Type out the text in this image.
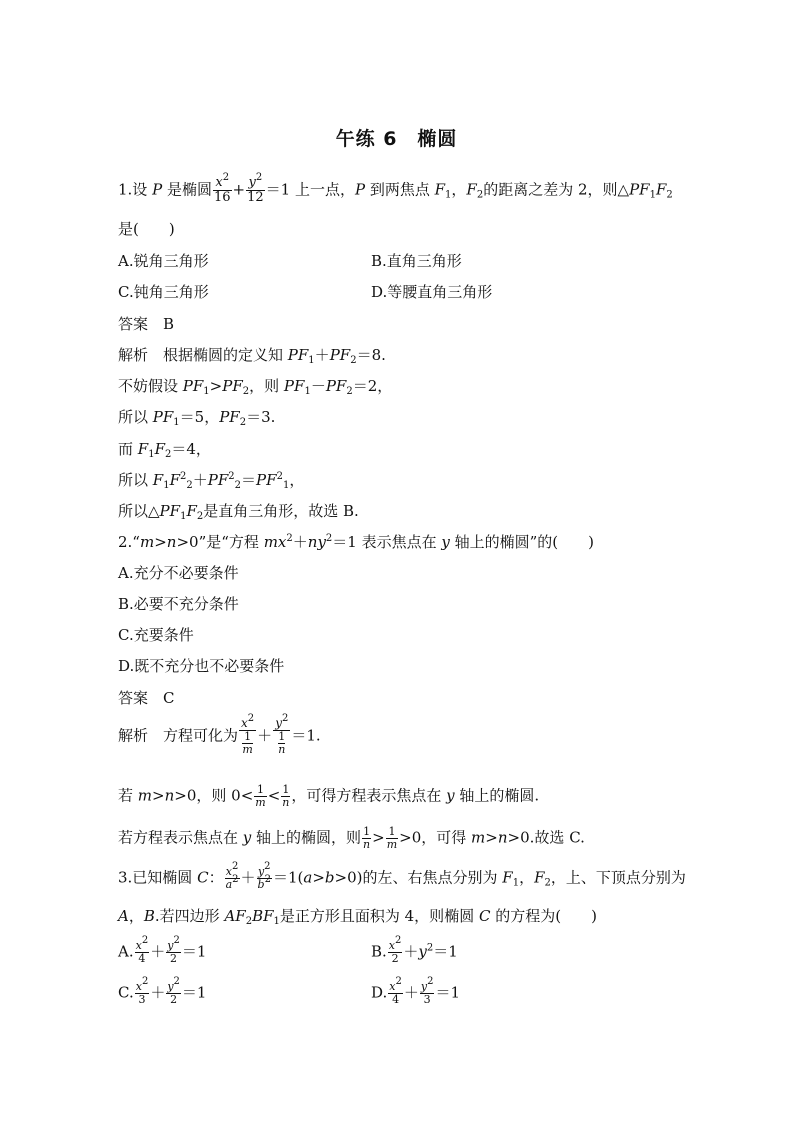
午练 6　椭圆
1.设 P 是椭圆 $\frac{x^2}{16} + \frac{y^2}{12} =1$ 上一点，P 到两焦点 $F_1$，$F_2$的距离之差为 2，则$\triangle PF_1F_2$
是(　　)
A.锐角三角形	B.直角三角形
C.钝角三角形	D.等腰直角三角形
答案　B
解析　根据椭圆的定义知 $PF_1+PF_2=8$.
不妨假设 $PF_1>PF_2$，则 $PF_1-PF_2=2$，
所以 $PF_1=5$，$PF_2=3$.
而 $F_1F_2=4$，
所以 $F_1F^2_2+PF^2_2=PF^2_1$，
所以$\triangle PF_1F_2$是直角三角形，故选 B.
2.“m>n>0”是“方程 $mx^2+ny^2=1$ 表示焦点在 y 轴上的椭圆”的(　　)
A.充分不必要条件
B.必要不充分条件
C.充要条件
D.既不充分也不必要条件
答案　C
解析　方程可化为 $\frac{x^2}{\frac{1}{m}} + \frac{y^2}{\frac{1}{n}} =1$.
若 m>n>0，则 $0< \frac{1}{m} < \frac{1}{n}$ ，可得方程表示焦点在 y 轴上的椭圆.
若方程表示焦点在 y 轴上的椭圆，则 $\frac{1}{n} > \frac{1}{m} >0$，可得 m>n>0.故选 C.
3.已知椭圆 C： $\frac{x^2}{a^2} + \frac{y^2}{b^2} =1(a>b>0)$的左、右焦点分别为 $F_1$，$F_2$，上、下顶点分别为
A，B.若四边形 $AF_2BF_1$是正方形且面积为 4，则椭圆 C 的方程为(　　)
A. $\frac{x^2}{4} + \frac{y^2}{2} =1$	B. $\frac{x^2}{2} +y^2=1$
C. $\frac{x^2}{3} + \frac{y^2}{2} =1$	D. $\frac{x^2}{4} + \frac{y^2}{3} =1$
